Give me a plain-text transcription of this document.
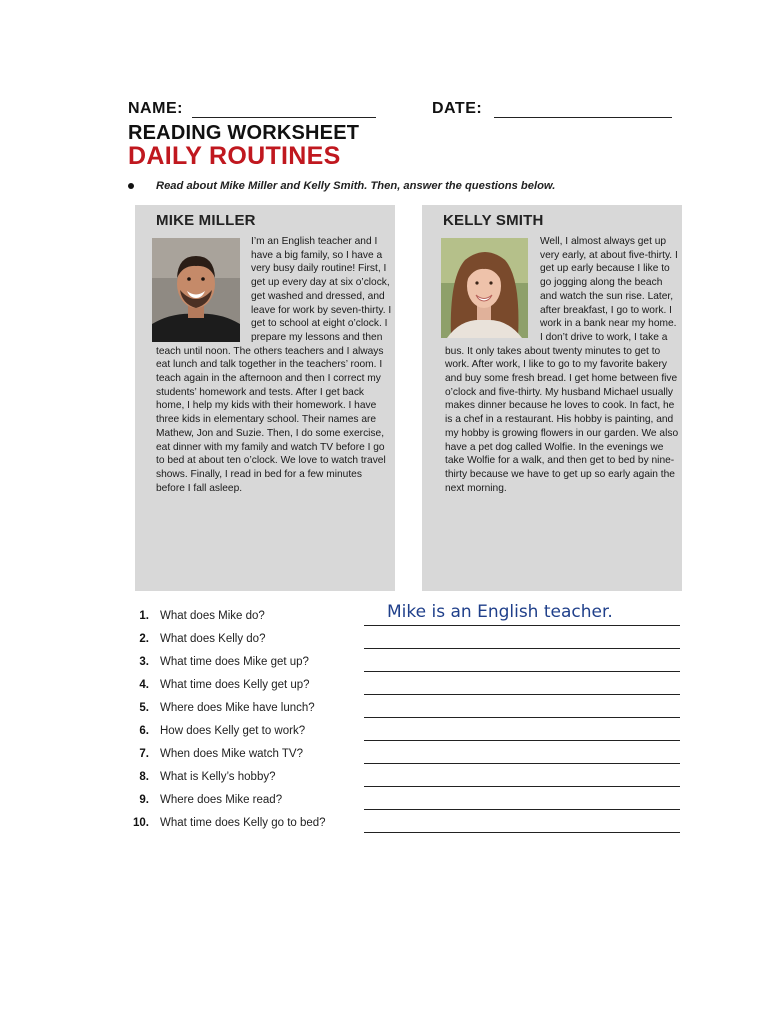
NAME:	DATE:
READING WORKSHEET
DAILY ROUTINES
Read about Mike Miller and Kelly Smith. Then, answer the questions below.
MIKE MILLER
I’m an English teacher and I have a big family, so I have a very busy daily routine! First, I get up every day at six o’clock, get washed and dressed, and leave for work by seven-thirty. I get to school at eight o’clock. I prepare my lessons and then teach until noon. The others teachers and I always eat lunch and talk together in the teachers’ room. I teach again in the afternoon and then I correct my students’ homework and tests. After I get back home, I help my kids with their homework. I have three kids in elementary school. Their names are Mathew, Jon and Suzie. Then, I do some exercise, eat dinner with my family and watch TV before I go to bed at about ten o’clock. We love to watch travel shows. Finally, I read in bed for a few minutes before I fall asleep.
KELLY SMITH
Well, I almost always get up very early, at about five-thirty. I get up early because I like to go jogging along the beach and watch the sun rise. Later, after breakfast, I go to work. I work in a bank near my home. I don’t drive to work, I take a bus. It only takes about twenty minutes to get to work. After work, I like to go to my favorite bakery and buy some fresh bread. I get home between five o’clock and five-thirty. My husband Michael usually makes dinner because he loves to cook. In fact, he is a chef in a restaurant. His hobby is painting, and my hobby is growing flowers in our garden. We also have a pet dog called Wolfie. In the evenings we take Wolfie for a walk, and then get to bed by nine-thirty because we have to get up so early again the next morning.
1. What does Mike do?	Mike is an English teacher.
2. What does Kelly do?
3. What time does Mike get up?
4. What time does Kelly get up?
5. Where does Mike have lunch?
6. How does Kelly get to work?
7. When does Mike watch TV?
8. What is Kelly’s hobby?
9. Where does Mike read?
10. What time does Kelly go to bed?
